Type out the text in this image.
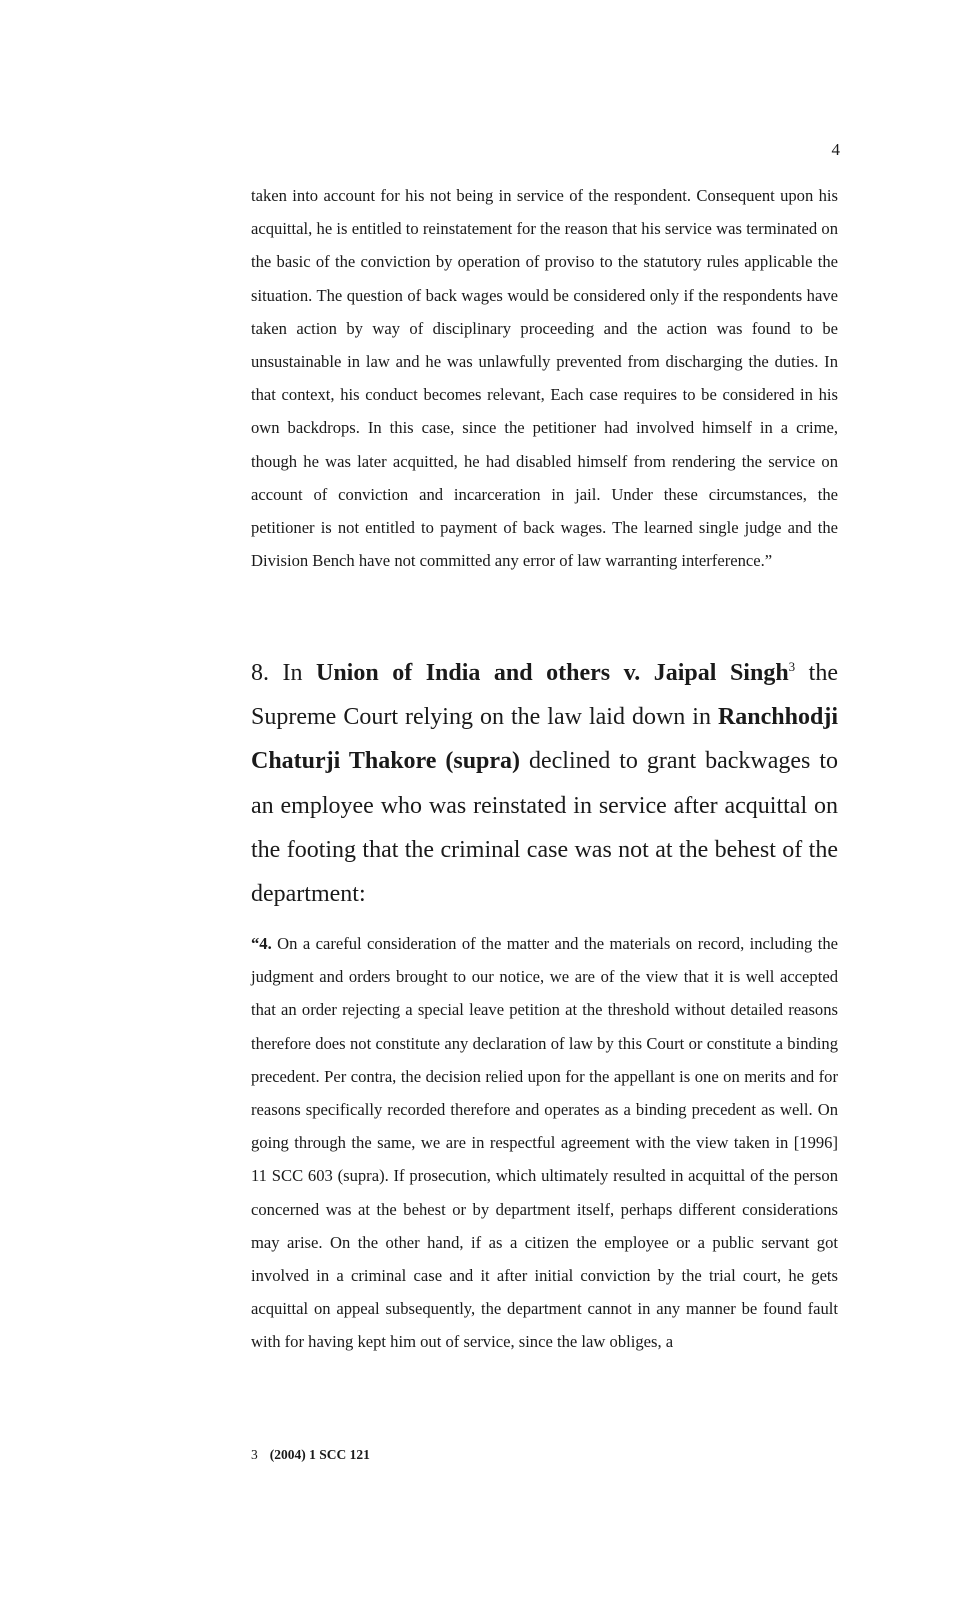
4

taken into account for his not being in service of the respondent. Consequent upon his acquittal, he is entitled to reinstatement for the reason that his service was terminated on the basic of the conviction by operation of proviso to the statutory rules applicable the situation. The question of back wages would be considered only if the respondents have taken action by way of disciplinary proceeding and the action was found to be unsustainable in law and he was unlawfully prevented from discharging the duties. In that context, his conduct becomes relevant, Each case requires to be considered in his own backdrops. In this case, since the petitioner had involved himself in a crime, though he was later acquitted, he had disabled himself from rendering the service on account of conviction and incarceration in jail. Under these circumstances, the petitioner is not entitled to payment of back wages. The learned single judge and the Division Bench have not committed any error of law warranting interference.”

8. In Union of India and others v. Jaipal Singh$^3$ the Supreme Court relying on the law laid down in Ranchhodji Chaturji Thakore (supra) declined to grant backwages to an employee who was reinstated in service after acquittal on the footing that the criminal case was not at the behest of the department:

“4. On a careful consideration of the matter and the materials on record, including the judgment and orders brought to our notice, we are of the view that it is well accepted that an order rejecting a special leave petition at the threshold without detailed reasons therefore does not constitute any declaration of law by this Court or constitute a binding precedent. Per contra, the decision relied upon for the appellant is one on merits and for reasons specifically recorded therefore and operates as a binding precedent as well. On going through the same, we are in respectful agreement with the view taken in [1996] 11 SCC 603 (supra). If prosecution, which ultimately resulted in acquittal of the person concerned was at the behest or by department itself, perhaps different considerations may arise. On the other hand, if as a citizen the employee or a public servant got involved in a criminal case and it after initial conviction by the trial court, he gets acquittal on appeal subsequently, the department cannot in any manner be found fault with for having kept him out of service, since the law obliges, a

3 (2004) 1 SCC 121
